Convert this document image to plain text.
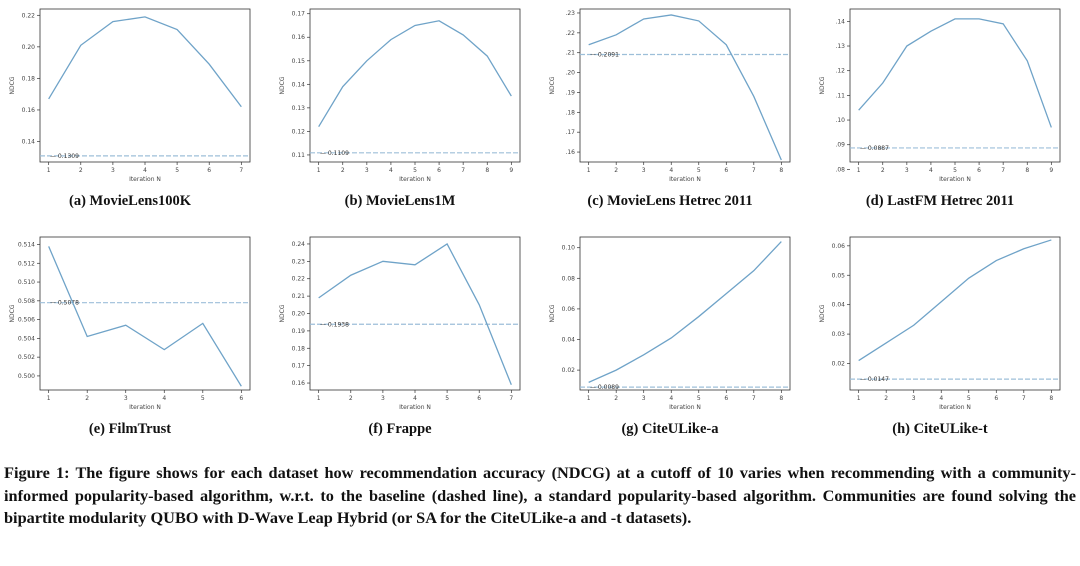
— 0.1309
1	2	3	4	5	6	7
0.14
0.16
0.18
0.20
0.22
Iteration N
NDCG
(a) MovieLens100K
— 0.1109
1	2	3	4	5	6	7	8	9
0.11
0.12
0.13
0.14
0.15
0.16
0.17
Iteration N
NDCG
(b) MovieLens1M
— 0.2091
1	2	3	4	5	6	7	8
.16
.17
.18
.19
.20
.21
.22
.23
Iteration N
NDCG
(c) MovieLens Hetrec 2011
— 0.0887
1	2	3	4	5	6	7	8	9
.08
.09
.10
.11
.12
.13
.14
Iteration N
NDCG
(d) LastFM Hetrec 2011
— 0.5078
1	2	3	4	5	6
0.500
0.502
0.504
0.506
0.508
0.510
0.512
0.514
Iteration N
NDCG
(e) FilmTrust
— 0.1938
1	2	3	4	5	6	7
0.16
0.17
0.18
0.19
0.20
0.21
0.22
0.23
0.24
Iteration N
NDCG
(f) Frappe
— 0.0089
1	2	3	4	5	6	7	8
0.02
0.04
0.06
0.08
0.10
Iteration N
NDCG
(g) CiteULike-a
— 0.0147
1	2	3	4	5	6	7	8
0.02
0.03
0.04
0.05
0.06
Iteration N
NDCG
(h) CiteULike-t

Figure 1: The figure shows for each dataset how recommendation accuracy (NDCG) at a cutoff of 10 varies when recommending with a community-informed popularity-based algorithm, w.r.t. to the baseline (dashed line), a standard popularity-based algorithm. Communities are found solving the bipartite modularity QUBO with D-Wave Leap Hybrid (or SA for the CiteULike-a and -t datasets).
